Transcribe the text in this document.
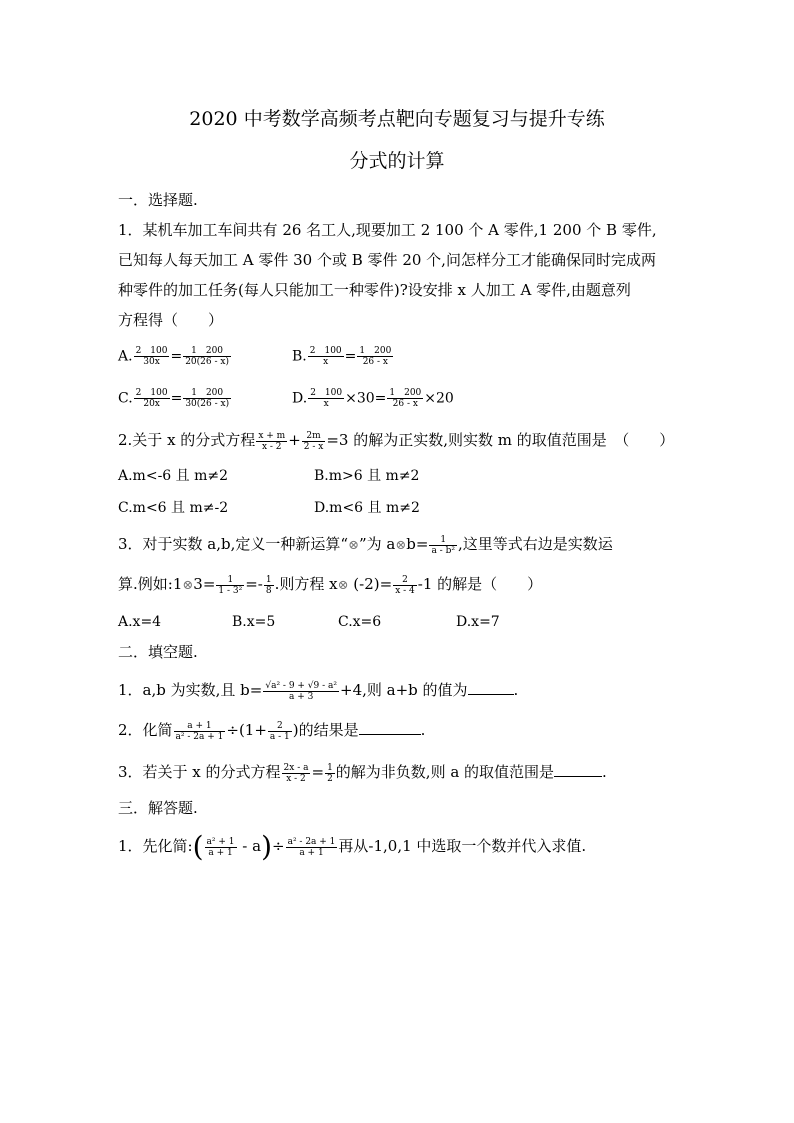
2020 中考数学高频考点靶向专题复习与提升专练
分式的计算
一．选择题.
1．某机车加工车间共有 26 名工人,现要加工 2 100 个 A 零件,1 200 个 B 零件,
已知每人每天加工 A 零件 30 个或 B 零件 20 个,问怎样分工才能确保同时完成两
种零件的加工任务(每人只能加工一种零件)?设安排 x 人加工 A 零件,由题意列
方程得（　　）
A. $\frac{2 100}{30x} = \frac{1 200}{20(26 - x)}$	B. $\frac{2 100}{x} = \frac{1 200}{26 - x}$
C. $\frac{2 100}{20x} = \frac{1 200}{30(26 - x)}$	D. $\frac{2 100}{x} \times 30= \frac{1 200}{26 - x} \times 20$
2.关于 x 的分式方程 $\frac{x + m}{x - 2} + \frac{2m}{2 - x} =3$ 的解为正实数,则实数 m 的取值范围是　（　　）
A.m<-6 且 m≠2	B.m>6 且 m≠2
C.m<6 且 m≠-2	D.m<6 且 m≠2
3．对于实数 a,b,定义一种新运算“⊗”为 a⊗b= $\frac{1}{\text{a - b²}}$ ,这里等式右边是实数运
算.例如:1⊗3= $\frac{1}{\text{1 - 3²}} =- \frac{1}{8}$ .则方程 x⊗ $(-2)= \frac{2}{x - 4} -1$ 的解是（　　）
A.x=4	B.x=5	C.x=6	D.x=7
二．填空题.
1．a,b 为实数,且 $b= \frac{\text{√a² - 9 + √9 - a²}}{a + 3} +4$,则 a+b 的值为	.
2．化简 $\frac{a + 1}{\text{a² - 2a + 1}} \div(1+ \frac{2}{a - 1}$ )的结果是	.
3．若关于 x 的分式方程 $\frac{2x - a}{x - 2} = \frac{1}{2}$ 的解为非负数,则 a 的取值范围是	.
三．解答题.
1．先化简:( $\frac{\text{a² + 1}}{a + 1} - a)\div \frac{\text{a² - 2a + 1}}{a + 1}$ 再从-1,0,1 中选取一个数并代入求值.
